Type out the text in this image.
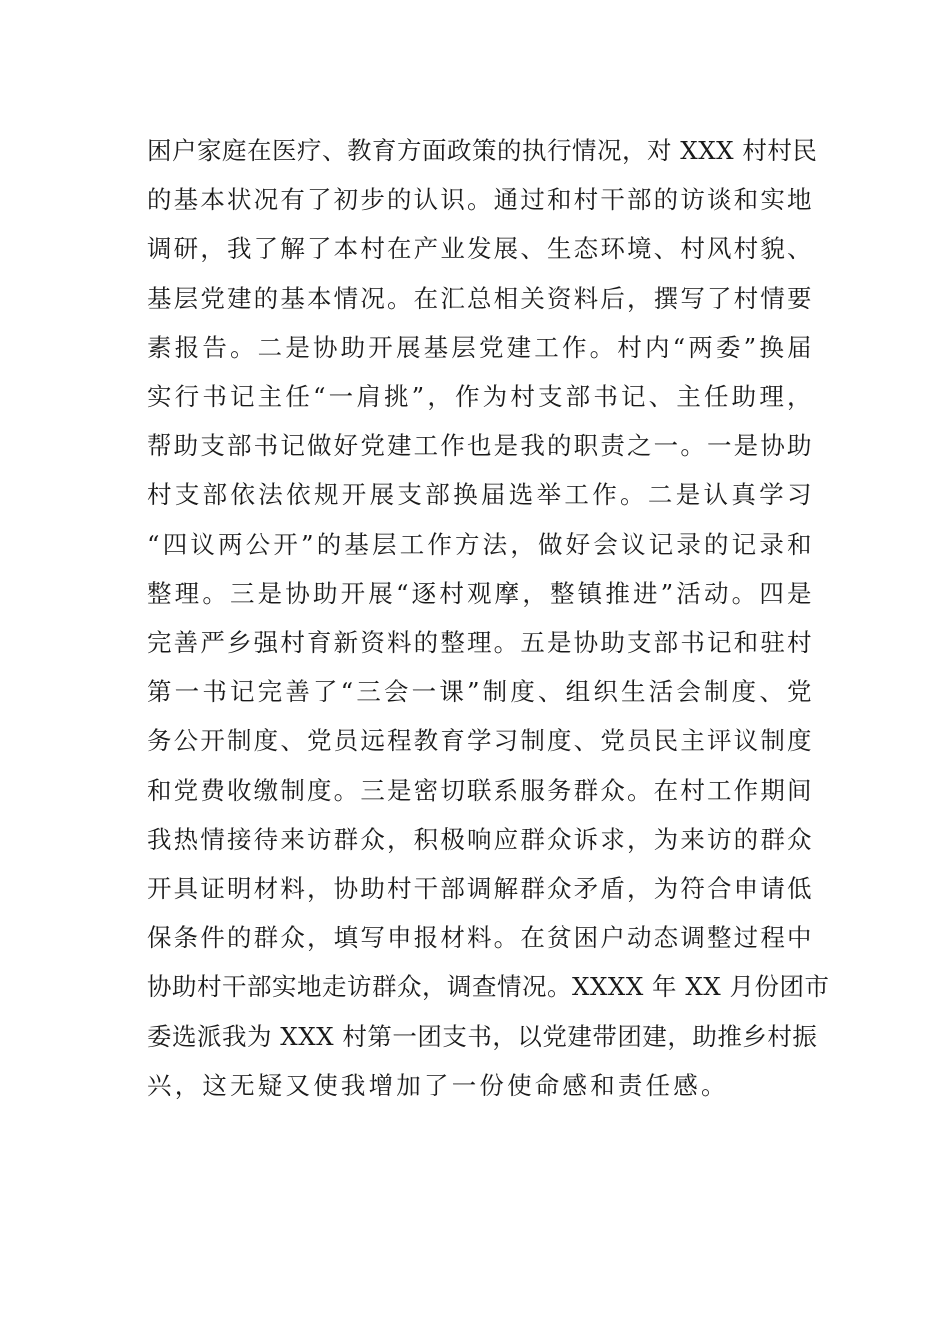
困户家庭在医疗、教育方面政策的执行情况，对 XXX 村村民
的基本状况有了初步的认识。通过和村干部的访谈和实地
调研，我了解了本村在产业发展、生态环境、村风村貌、
基层党建的基本情况。在汇总相关资料后，撰写了村情要
素报告。二是协助开展基层党建工作。村内“两委”换届
实行书记主任“一肩挑”，作为村支部书记、主任助理，
帮助支部书记做好党建工作也是我的职责之一。一是协助
村支部依法依规开展支部换届选举工作。二是认真学习
“四议两公开”的基层工作方法，做好会议记录的记录和
整理。三是协助开展“逐村观摩，整镇推进”活动。四是
完善严乡强村育新资料的整理。五是协助支部书记和驻村
第一书记完善了“三会一课”制度、组织生活会制度、党
务公开制度、党员远程教育学习制度、党员民主评议制度
和党费收缴制度。三是密切联系服务群众。在村工作期间
我热情接待来访群众，积极响应群众诉求，为来访的群众
开具证明材料，协助村干部调解群众矛盾，为符合申请低
保条件的群众，填写申报材料。在贫困户动态调整过程中
协助村干部实地走访群众，调查情况。XXXX 年 XX 月份团市
委选派我为 XXX 村第一团支书，以党建带团建，助推乡村振
兴，这无疑又使我增加了一份使命感和责任感。
